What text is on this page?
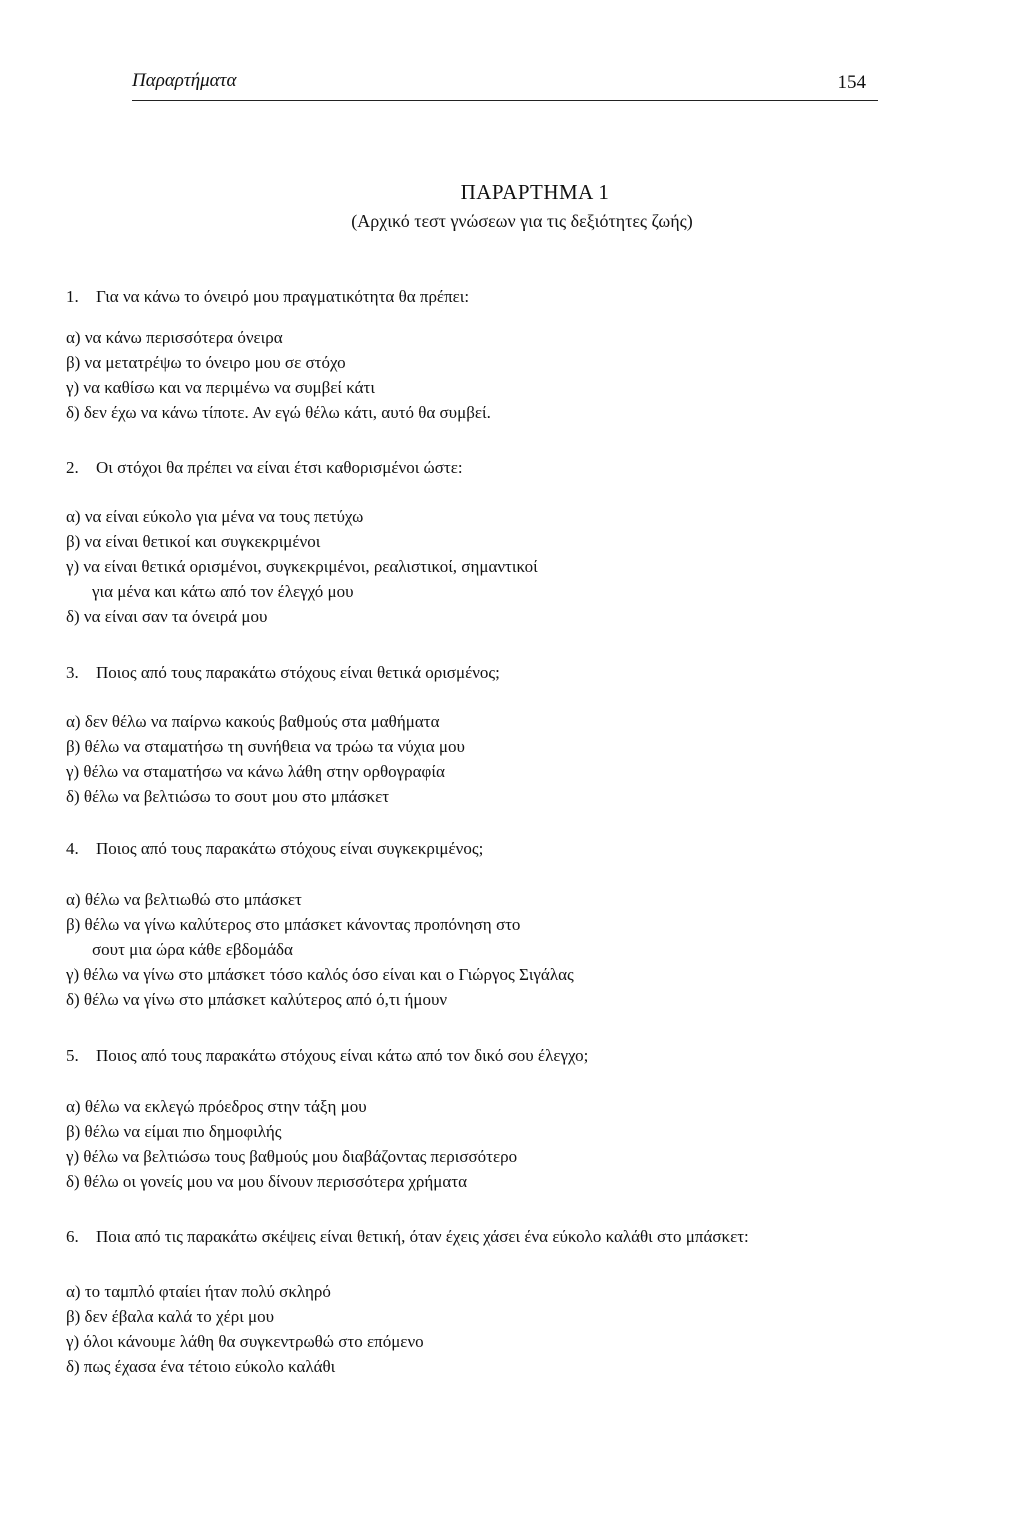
Παραρτήματα	154
ΠΑΡΑΡΤΗΜΑ 1
(Αρχικό τεστ γνώσεων για τις δεξιότητες ζωής)
1.	Για να κάνω το όνειρό μου πραγματικότητα θα πρέπει:
α) να κάνω περισσότερα όνειρα
β) να μετατρέψω το όνειρο μου σε στόχο
γ) να καθίσω και να περιμένω να συμβεί κάτι
δ) δεν έχω να κάνω τίποτε. Αν εγώ θέλω κάτι, αυτό θα συμβεί.
2.	Οι στόχοι θα πρέπει να είναι έτσι καθορισμένοι ώστε:
α) να είναι εύκολο για μένα να τους πετύχω
β) να είναι θετικοί και συγκεκριμένοι
γ) να είναι θετικά ορισμένοι, συγκεκριμένοι, ρεαλιστικοί, σημαντικοί
για μένα και κάτω από τον έλεγχό μου
δ) να είναι σαν τα όνειρά μου
3.	Ποιος από τους παρακάτω στόχους είναι θετικά ορισμένος;
α) δεν θέλω να παίρνω κακούς βαθμούς στα μαθήματα
β) θέλω να σταματήσω τη συνήθεια να τρώω τα νύχια μου
γ) θέλω να σταματήσω να κάνω λάθη στην ορθογραφία
δ) θέλω να βελτιώσω το σουτ μου στο μπάσκετ
4.	Ποιος από τους παρακάτω στόχους είναι συγκεκριμένος;
α) θέλω να βελτιωθώ στο μπάσκετ
β) θέλω να γίνω καλύτερος στο μπάσκετ κάνοντας προπόνηση στο
σουτ μια ώρα κάθε εβδομάδα
γ) θέλω να γίνω στο μπάσκετ τόσο καλός όσο είναι και ο Γιώργος Σιγάλας
δ) θέλω να γίνω στο μπάσκετ καλύτερος από ό,τι ήμουν
5.	Ποιος από τους παρακάτω στόχους είναι κάτω από τον δικό σου έλεγχο;
α) θέλω να εκλεγώ πρόεδρος στην τάξη μου
β) θέλω να είμαι πιο δημοφιλής
γ) θέλω να βελτιώσω τους βαθμούς μου διαβάζοντας περισσότερο
δ) θέλω οι γονείς μου να μου δίνουν περισσότερα χρήματα
6.	Ποια από τις παρακάτω σκέψεις είναι θετική, όταν έχεις χάσει ένα εύκολο καλάθι στο μπάσκετ:
α) το ταμπλό φταίει ήταν πολύ σκληρό
β) δεν έβαλα καλά το χέρι μου
γ) όλοι κάνουμε λάθη θα συγκεντρωθώ στο επόμενο
δ) πως έχασα ένα τέτοιο εύκολο καλάθι
